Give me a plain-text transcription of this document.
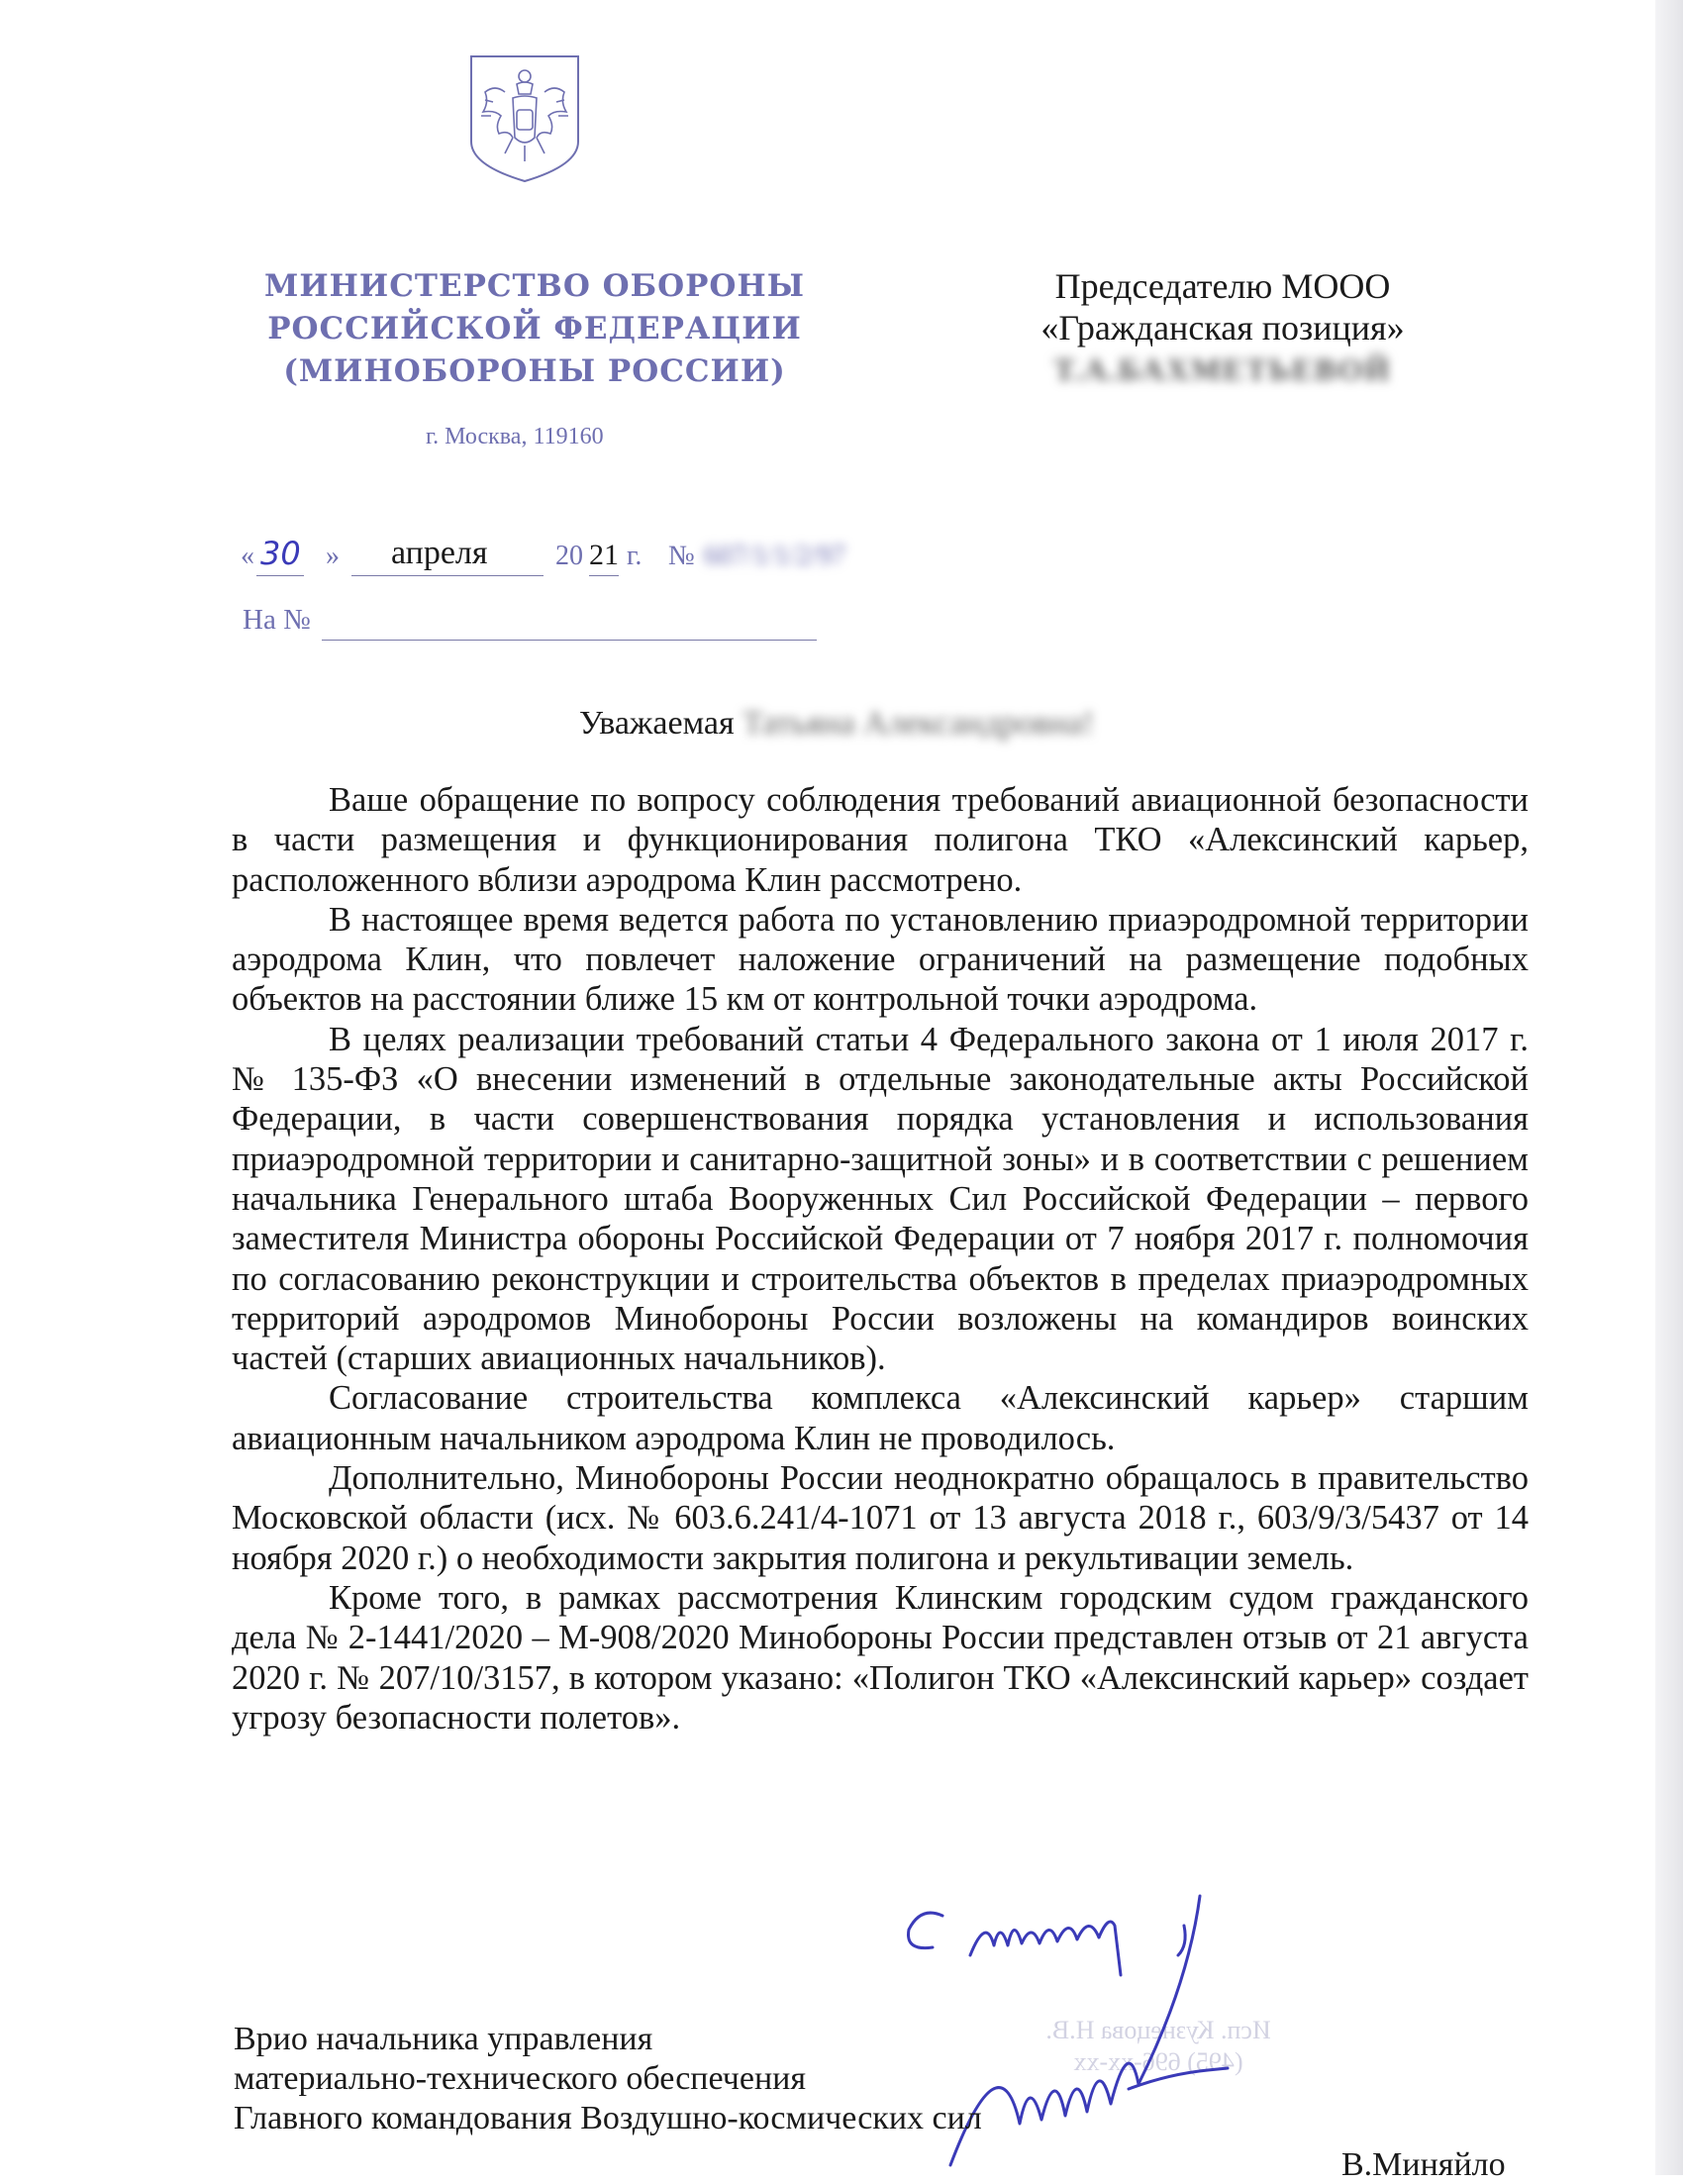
МИНИСТЕРСТВО ОБОРОНЫ
РОССИЙСКОЙ ФЕДЕРАЦИИ
(МИНОБОРОНЫ РОССИИ)
г. Москва, 119160
Председателю МООО
«Гражданская позиция»
Т.А.БАХМЕТЬЕВОЙ
« 30 » апреля 20 21 г. № 607/1/1/2/97
На №
Уважаемая Татьяна Александровна!

Ваше обращение по вопросу соблюдения требований авиационной безопасности в части размещения и функционирования полигона ТКО «Алексинский карьер, расположенного вблизи аэродрома Клин рассмотрено.

В настоящее время ведется работа по установлению приаэродромной территории аэродрома Клин, что повлечет наложение ограничений на размещение подобных объектов на расстоянии ближе 15 км от контрольной точки аэродрома.

В целях реализации требований статьи 4 Федерального закона от 1 июля 2017 г. № 135-ФЗ «О внесении изменений в отдельные законодательные акты Российской Федерации, в части совершенствования порядка установления и использования приаэродромной территории и санитарно-защитной зоны» и в соответствии с решением начальника Генерального штаба Вооруженных Сил Российской Федерации – первого заместителя Министра обороны Российской Федерации от 7 ноября 2017 г. полномочия по согласованию реконструкции и строительства объектов в пределах приаэродромных территорий аэродромов Минобороны России возложены на командиров воинских частей (старших авиационных начальников).

Согласование строительства комплекса «Алексинский карьер» старшим авиационным начальником аэродрома Клин не проводилось.

Дополнительно, Минобороны России неоднократно обращалось в правительство Московской области (исх. № 603.6.241/4-1071 от 13 августа 2018 г., 603/9/3/5437 от 14 ноября 2020 г.) о необходимости закрытия полигона и рекультивации земель.

Кроме того, в рамках рассмотрения Клинским городским судом гражданского дела № 2-1441/2020 – М-908/2020 Минобороны России представлен отзыв от 21 августа 2020 г. № 207/10/3157, в котором указано: «Полигон ТКО «Алексинский карьер» создает угрозу безопасности полетов».

Исп. Кузнецова Н.В.
(495) 696-xx-xx
Врио начальника управления
материально-технического обеспечения
Главного командования Воздушно-космических сил
В.Миняйло
